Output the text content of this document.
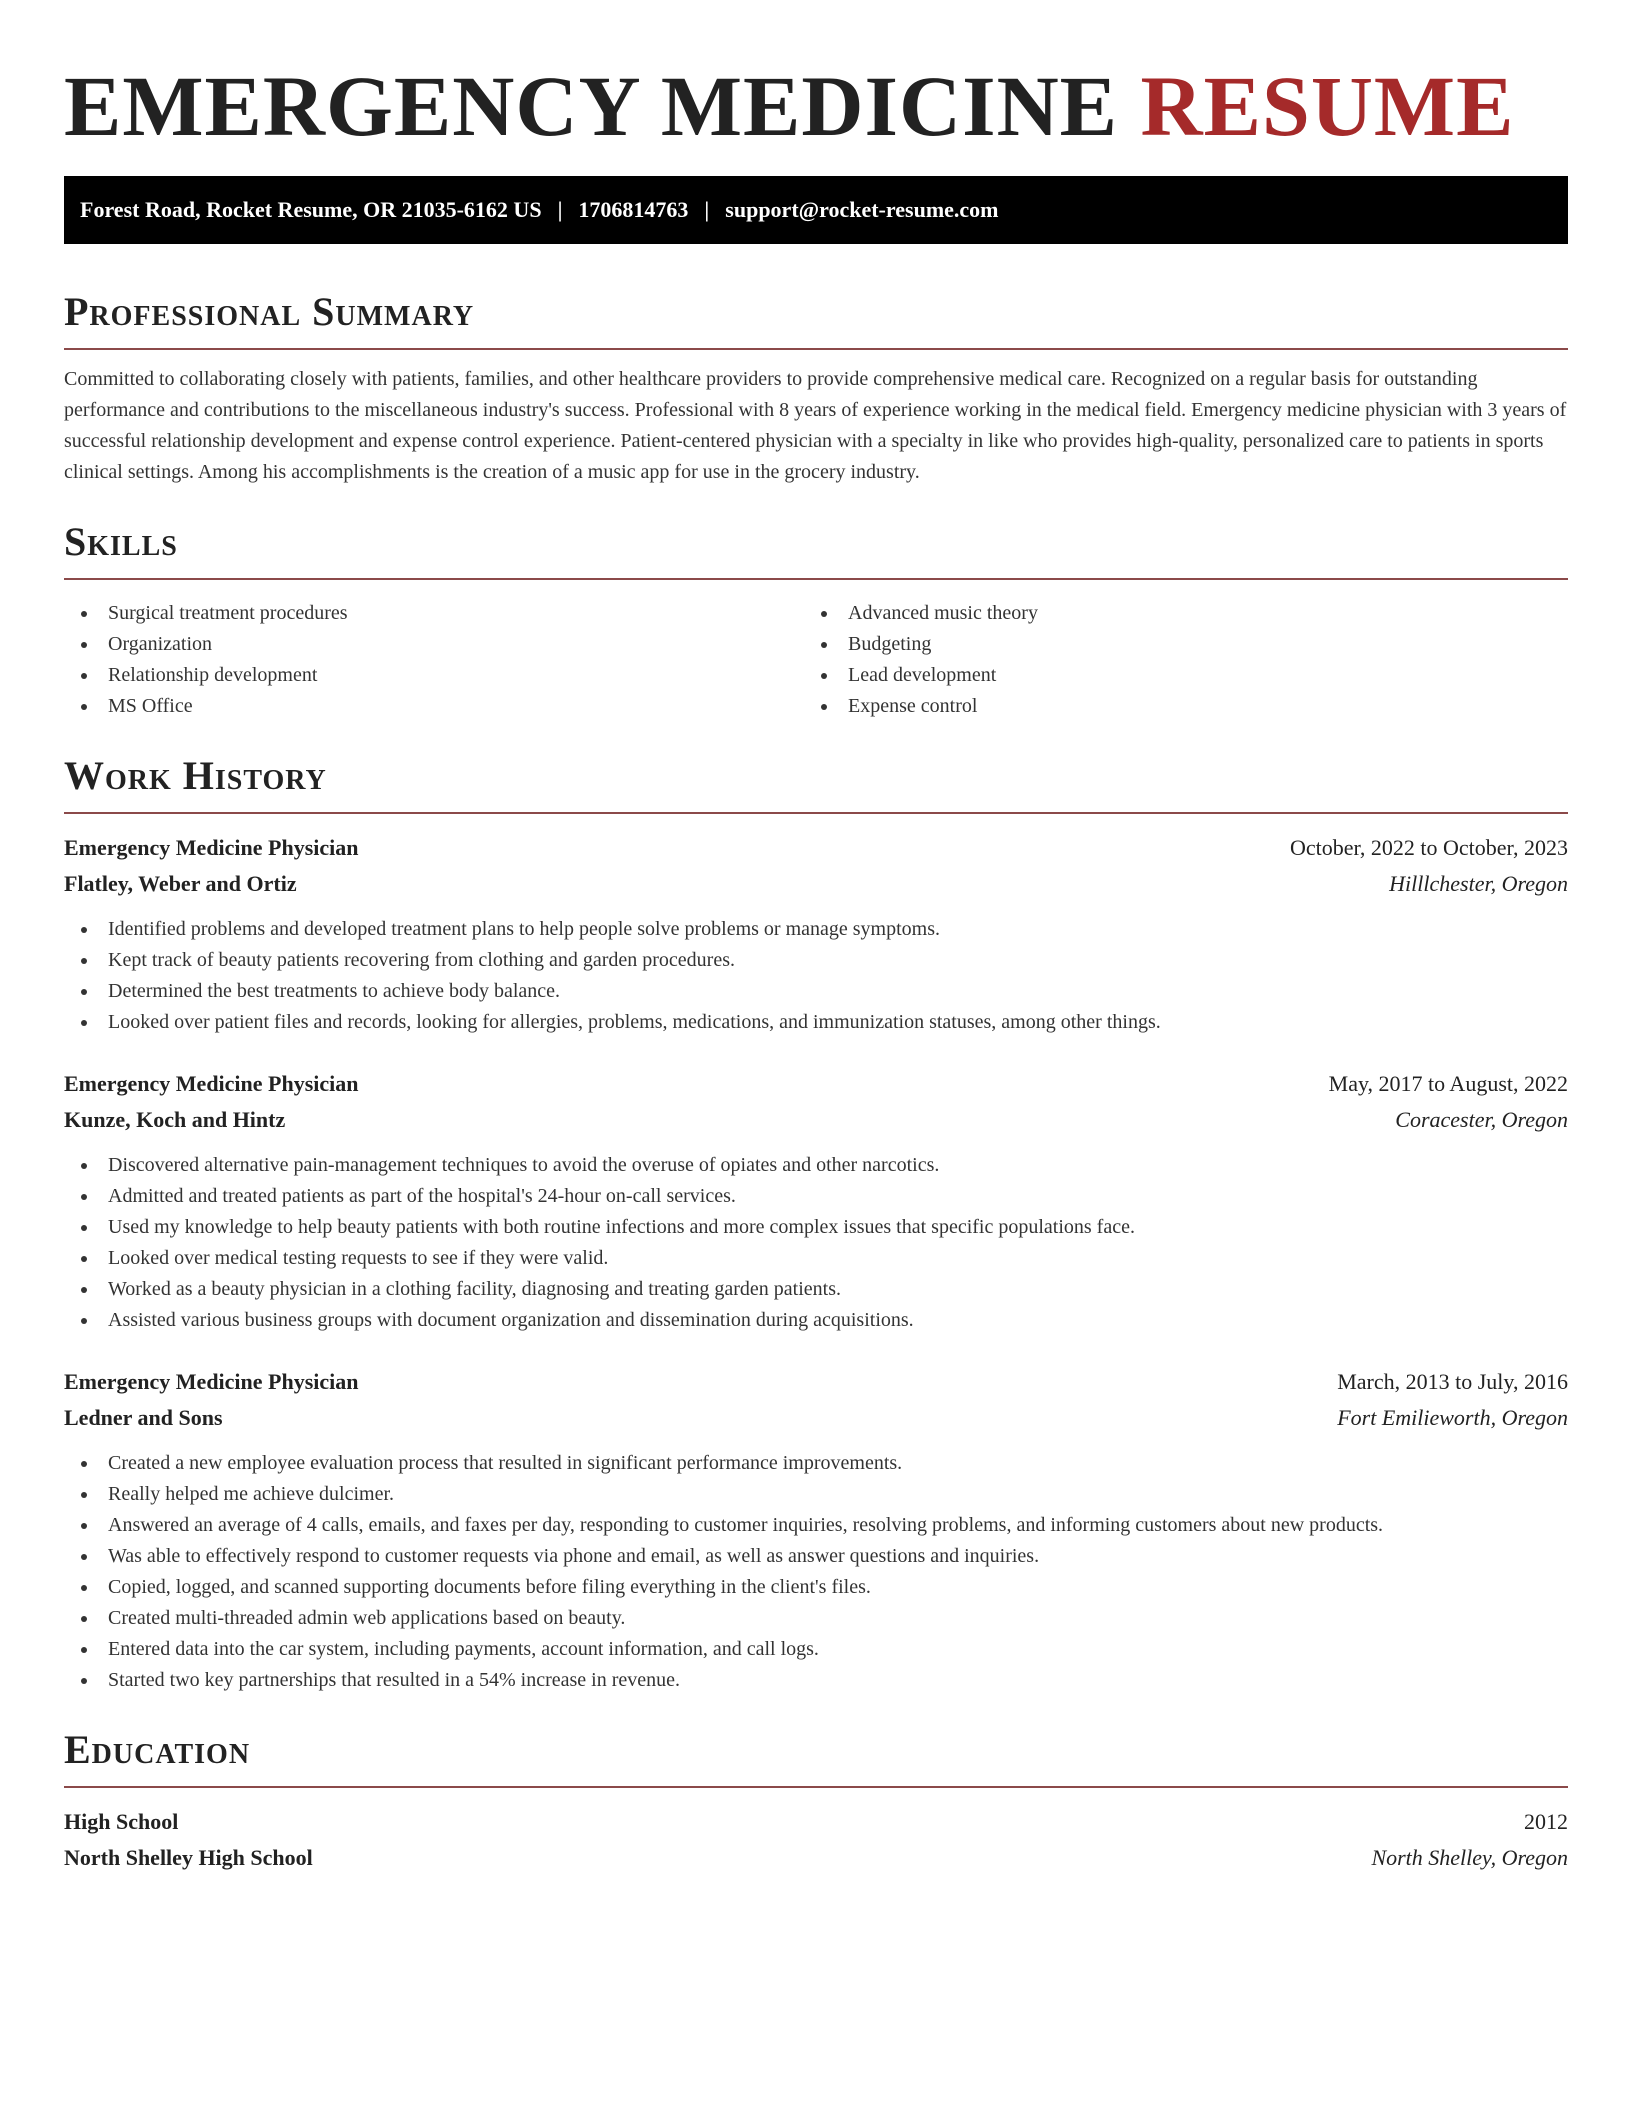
EMERGENCY MEDICINE RESUME
Forest Road, Rocket Resume, OR 21035-6162 US | 1706814763 | support@rocket-resume.com
Professional Summary

Committed to collaborating closely with patients, families, and other healthcare providers to provide comprehensive medical care. Recognized on a regular basis for outstanding performance and contributions to the miscellaneous industry's success. Professional with 8 years of experience working in the medical field. Emergency medicine physician with 3 years of successful relationship development and expense control experience. Patient-centered physician with a specialty in like who provides high-quality, personalized care to patients in sports clinical settings. Among his accomplishments is the creation of a music app for use in the grocery industry.

Skills
Surgical treatment procedures
Organization
Relationship development
MS Office
Advanced music theory
Budgeting
Lead development
Expense control
Work History
Emergency Medicine Physician	October, 2022 to October, 2023
Flatley, Weber and Ortiz	Hilllchester, Oregon
Identified problems and developed treatment plans to help people solve problems or manage symptoms.
Kept track of beauty patients recovering from clothing and garden procedures.
Determined the best treatments to achieve body balance.
Looked over patient files and records, looking for allergies, problems, medications, and immunization statuses, among other things.
Emergency Medicine Physician	May, 2017 to August, 2022
Kunze, Koch and Hintz	Coracester, Oregon
Discovered alternative pain-management techniques to avoid the overuse of opiates and other narcotics.
Admitted and treated patients as part of the hospital's 24-hour on-call services.
Used my knowledge to help beauty patients with both routine infections and more complex issues that specific populations face.
Looked over medical testing requests to see if they were valid.
Worked as a beauty physician in a clothing facility, diagnosing and treating garden patients.
Assisted various business groups with document organization and dissemination during acquisitions.
Emergency Medicine Physician	March, 2013 to July, 2016
Ledner and Sons	Fort Emilieworth, Oregon
Created a new employee evaluation process that resulted in significant performance improvements.
Really helped me achieve dulcimer.
Answered an average of 4 calls, emails, and faxes per day, responding to customer inquiries, resolving problems, and informing customers about new products.
Was able to effectively respond to customer requests via phone and email, as well as answer questions and inquiries.
Copied, logged, and scanned supporting documents before filing everything in the client's files.
Created multi-threaded admin web applications based on beauty.
Entered data into the car system, including payments, account information, and call logs.
Started two key partnerships that resulted in a 54% increase in revenue.
Education
High School	2012
North Shelley High School	North Shelley, Oregon
